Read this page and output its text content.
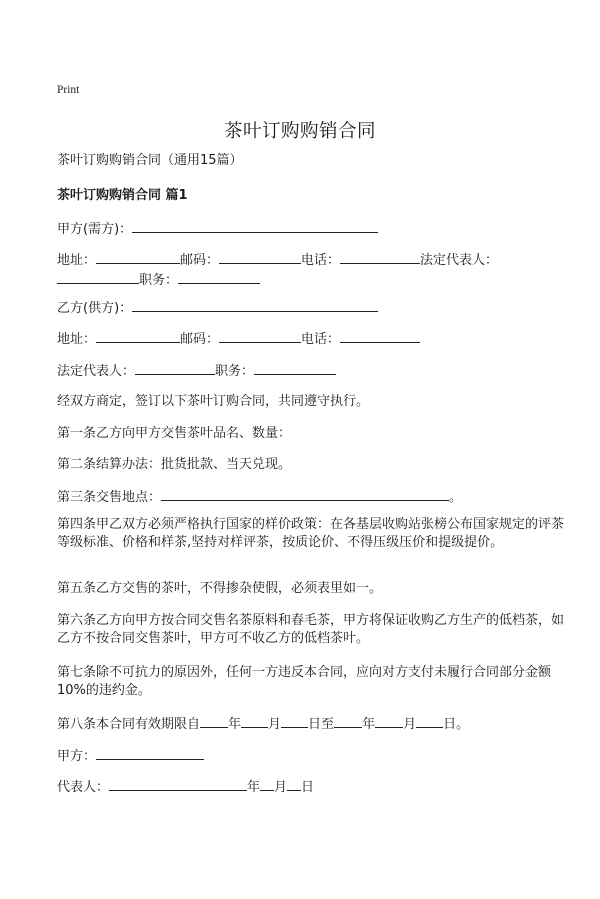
Print
茶叶订购购销合同
茶叶订购购销合同（通用15篇）
茶叶订购购销合同 篇1
甲方(需方)：
地址：	邮码：	电话：	法定代表人：
职务：
乙方(供方)：
地址：	邮码：	电话：
法定代表人：	职务：
经双方商定，签订以下茶叶订购合同，共同遵守执行。
第一条乙方向甲方交售茶叶品名、数量：
第二条结算办法：批货批款、当天兑现。
第三条交售地点：	。
第四条甲乙双方必须严格执行国家的样价政策：在各基层收购站张榜公布国家规定的评茶等级标准、价格和样茶,坚持对样评茶，按质论价、不得压级压价和提级提价。
第五条乙方交售的茶叶，不得掺杂使假，必须表里如一。
第六条乙方向甲方按合同交售名茶原料和春毛茶，甲方将保证收购乙方生产的低档茶，如乙方不按合同交售茶叶，甲方可不收乙方的低档茶叶。
第七条除不可抗力的原因外，任何一方违反本合同，应向对方支付未履行合同部分金额10%的违约金。
第八条本合同有效期限自 年 月 日至 年 月 日。
甲方：
代表人：	年 月 日
